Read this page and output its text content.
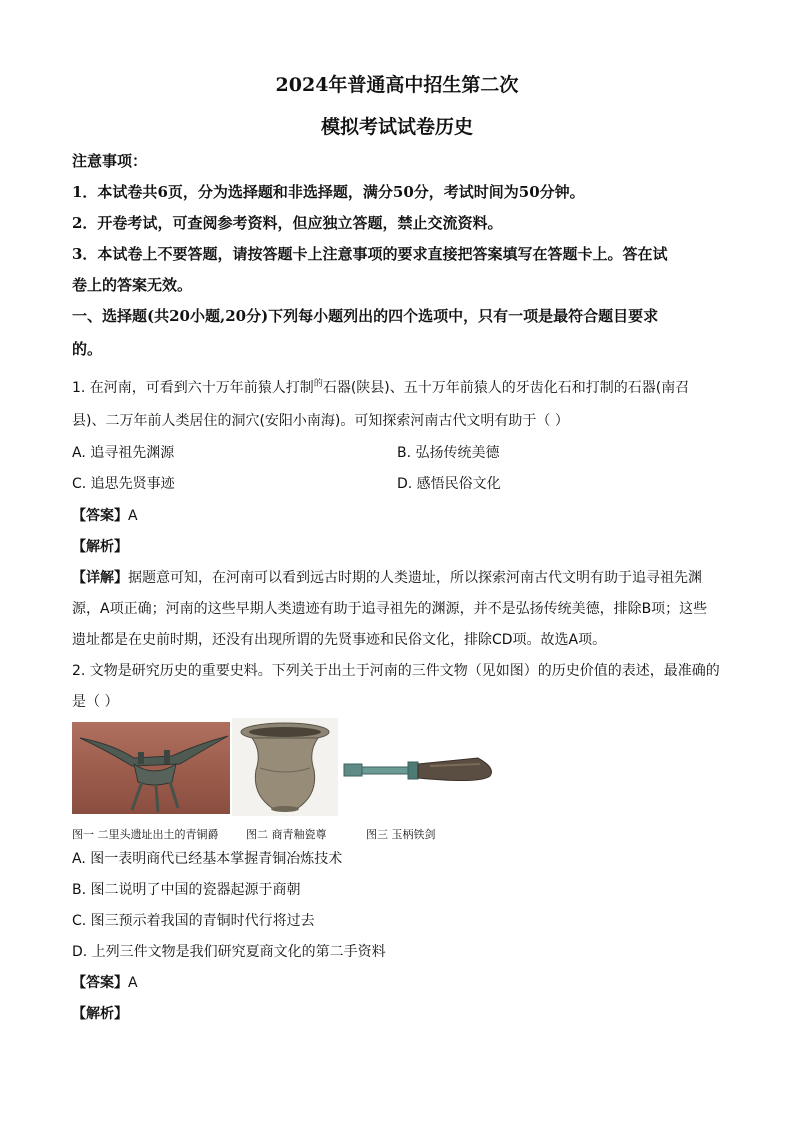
2024年普通高中招生第二次
模拟考试试卷历史
注意事项：
1．本试卷共6页，分为选择题和非选择题，满分50分，考试时间为50分钟。
2．开卷考试，可查阅参考资料，但应独立答题，禁止交流资料。
3．本试卷上不要答题，请按答题卡上注意事项的要求直接把答案填写在答题卡上。答在试
卷上的答案无效。
一、选择题(共20小题,20分)下列每小题列出的四个选项中，只有一项是最符合题目要求
的。
1. 在河南，可看到六十万年前猿人打制$^的$石器(陕县)、五十万年前猿人的牙齿化石和打制的石器(南召
县)、二万年前人类居住的洞穴(安阳小南海)。可知探索河南古代文明有助于（ ）
A. 追寻祖先渊源	B. 弘扬传统美德
C. 追思先贤事迹	D. 感悟民俗文化
【答案】A
【解析】
【详解】据题意可知，在河南可以看到远古时期的人类遗址，所以探索河南古代文明有助于追寻祖先渊
源，A项正确；河南的这些早期人类遗迹有助于追寻祖先的渊源，并不是弘扬传统美德，排除B项；这些
遗址都是在史前时期，还没有出现所谓的先贤事迹和民俗文化，排除CD项。故选A项。
2. 文物是研究历史的重要史料。下列关于出土于河南的三件文物（见如图）的历史价值的表述，最准确的
是（ ）
图一 二里头遗址出土的青铜爵	图二 商青釉瓷尊	图三 玉柄铁剑
A. 图一表明商代已经基本掌握青铜冶炼技术
B. 图二说明了中国的瓷器起源于商朝
C. 图三预示着我国的青铜时代行将过去
D. 上列三件文物是我们研究夏商文化的第二手资料
【答案】A
【解析】
